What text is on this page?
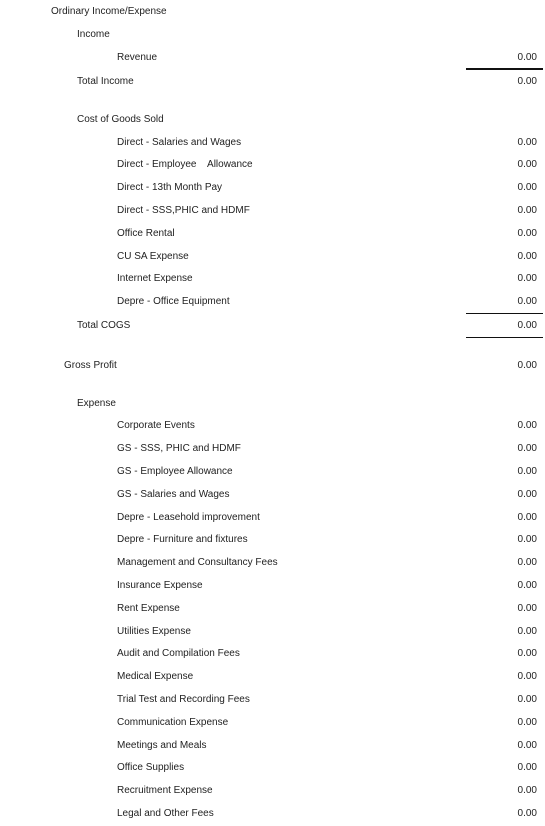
Ordinary Income/Expense
Income
Revenue	0.00
Total Income	0.00
Cost of Goods Sold
Direct - Salaries and Wages	0.00
Direct - Employee    Allowance	0.00
Direct - 13th Month Pay	0.00
Direct - SSS,PHIC and HDMF	0.00
Office Rental	0.00
CU SA Expense	0.00
Internet Expense	0.00
Depre - Office Equipment	0.00
Total COGS	0.00
Gross Profit	0.00
Expense
Corporate Events	0.00
GS - SSS, PHIC and HDMF	0.00
GS - Employee Allowance	0.00
GS - Salaries and Wages	0.00
Depre - Leasehold improvement	0.00
Depre - Furniture and fixtures	0.00
Management and Consultancy Fees	0.00
Insurance Expense	0.00
Rent Expense	0.00
Utilities Expense	0.00
Audit and Compilation Fees	0.00
Medical Expense	0.00
Trial Test and Recording Fees	0.00
Communication Expense	0.00
Meetings and Meals	0.00
Office Supplies	0.00
Recruitment Expense	0.00
Legal and Other Fees	0.00
